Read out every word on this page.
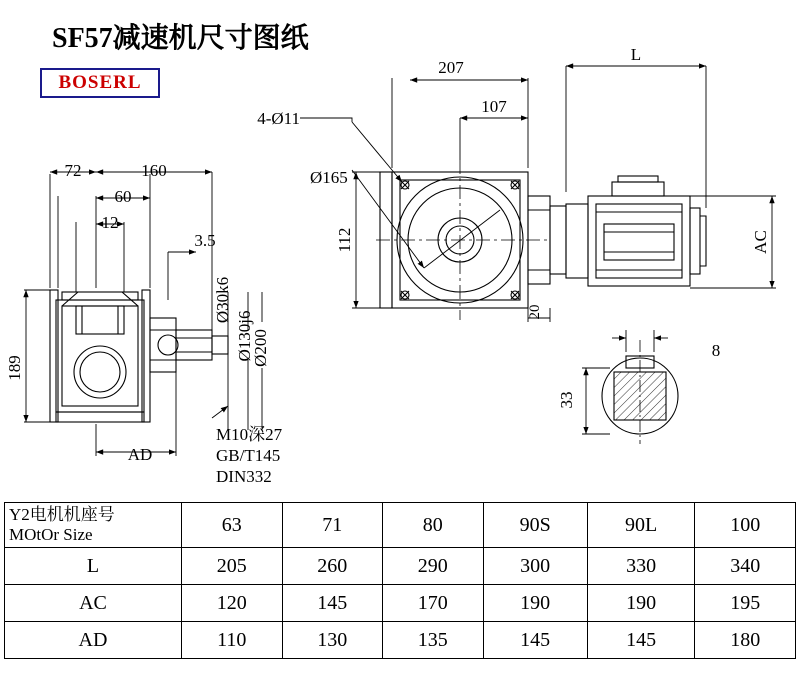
SF57减速机尺寸图纸
BOSERL
207
L
4-Ø11
107
Ø165
112
20
AC
72	160
60
12
3.5
189
Ø30k6
Ø130j6
Ø200
AD
M10深27
GB/T145
DIN332
8
33
Y2电机机座号
MOtOr Size	63	71	80	90S	90L	100
L	205	260	290	300	330	340
AC	120	145	170	190	190	195
AD	110	130	135	145	145	180
